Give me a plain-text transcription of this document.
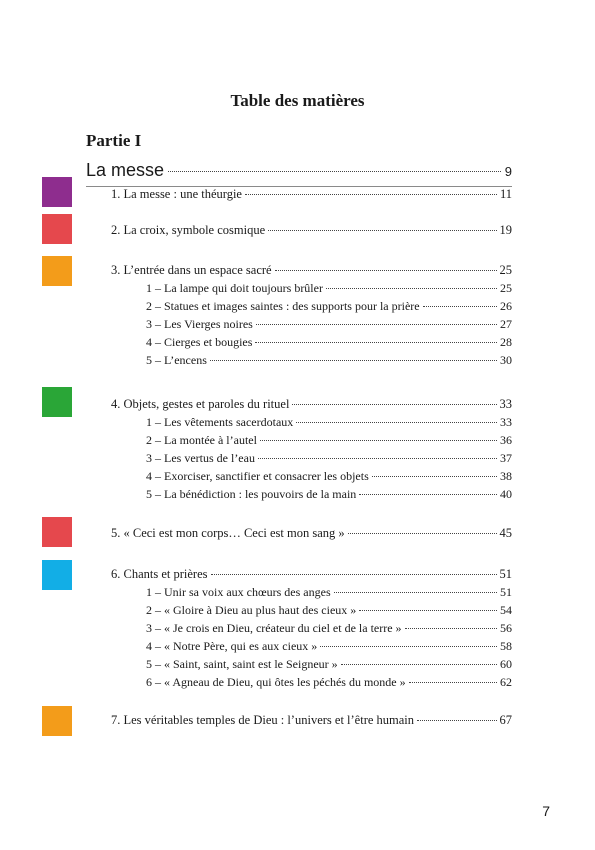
Table des matières
Partie I
La messe	9
1. La messe : une théurgie	11
2. La croix, symbole cosmique	19
3. L’entrée dans un espace sacré	25
1 – La lampe qui doit toujours brûler	25
2 – Statues et images saintes : des supports pour la prière	26
3 – Les Vierges noires	27
4 – Cierges et bougies	28
5 – L’encens	30
4. Objets, gestes et paroles du rituel	33
1 – Les vêtements sacerdotaux	33
2 – La montée à l’autel	36
3 – Les vertus de l’eau	37
4 – Exorciser, sanctifier et consacrer les objets	38
5 – La bénédiction : les pouvoirs de la main	40
5. « Ceci est mon corps… Ceci est mon sang »	45
6. Chants et prières	51
1 – Unir sa voix aux chœurs des anges	51
2 – « Gloire à Dieu au plus haut des cieux »	54
3 – « Je crois en Dieu, créateur du ciel et de la terre »	56
4 – « Notre Père, qui es aux cieux »	58
5 – « Saint, saint, saint est le Seigneur »	60
6 – « Agneau de Dieu, qui ôtes les péchés du monde »	62
7. Les véritables temples de Dieu : l’univers et l’être humain	67
7
